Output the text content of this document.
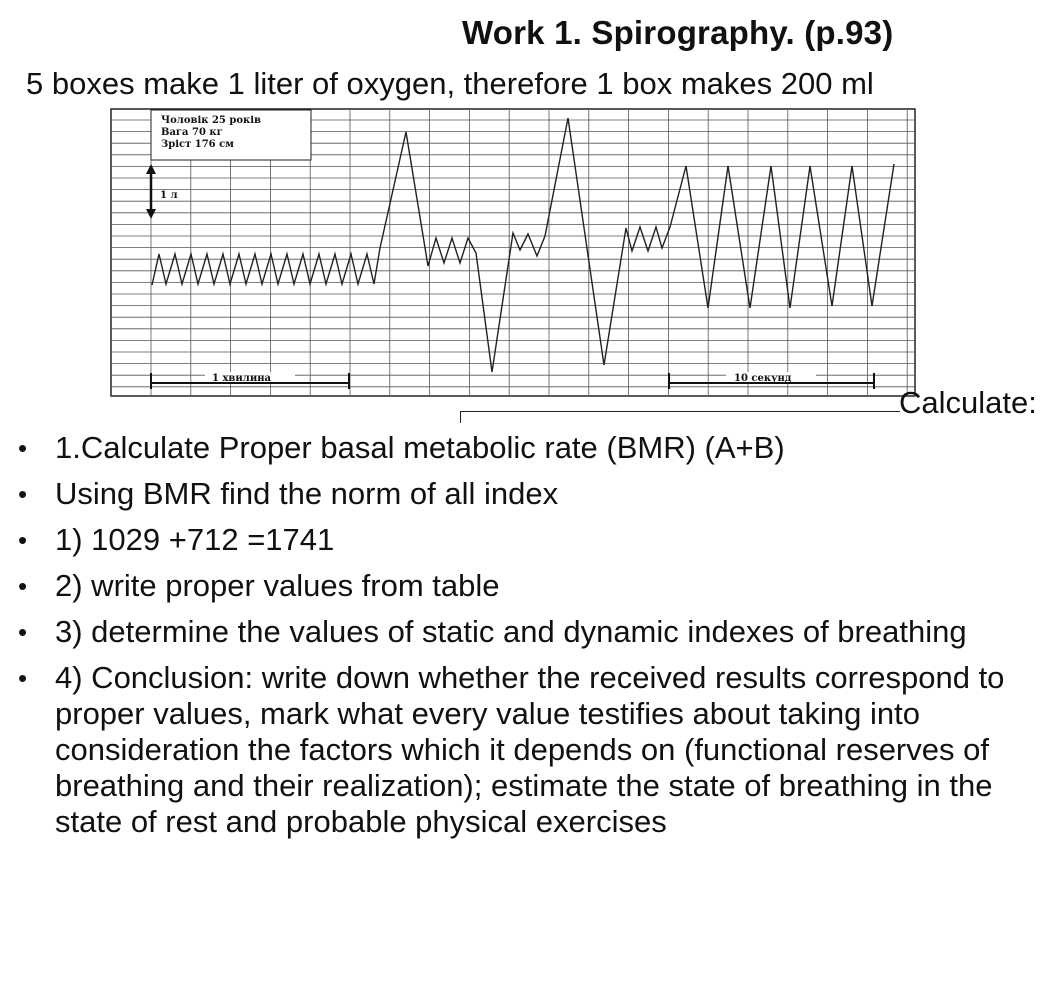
Work 1. Spirography. (p.93)
5 boxes make 1 liter of oxygen, therefore 1 box makes 200 ml
Чоловік 25 років
Вага 70 кг
Зріст 176 см
1 л
1 хвилина	10 секунд
Calculate:
• 1.Calculate Proper basal metabolic rate (BMR) (A+B)
• Using BMR find the norm of all index
• 1) 1029 +712 =1741
• 2) write proper values from table
• 3) determine the values of static and dynamic indexes of breathing
• 4) Conclusion: write down whether the received results correspond to proper values, mark what every value testifies about taking into consideration the factors which it depends on (functional reserves of breathing and their realization); estimate the state of breathing in the state of rest and probable physical exercises
